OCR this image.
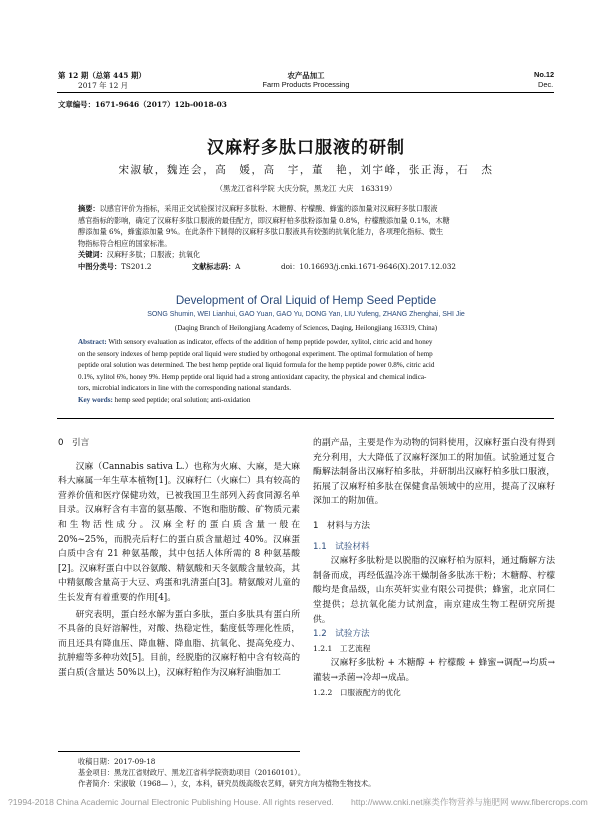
第 12 期（总第 445 期）
2017 年 12 月
农产品加工
Farm Products Processing
No.12
Dec.
文章编号：1671-9646（2017）12b-0018-03
汉麻籽多肽口服液的研制
宋淑敏，魏连会，高　媛，高　宇，董　艳，刘宇峰，张正海，石　杰
（黑龙江省科学院 大庆分院，黑龙江 大庆　163319）
摘要：以感官评价为指标，采用正交试验探讨汉麻籽多肽粉、木糖醇、柠檬酸、蜂蜜的添加量对汉麻籽多肽口服液
感官指标的影响，确定了汉麻籽多肽口服液的最佳配方，即汉麻籽柏多肽粉添加量 0.8%，柠檬酸添加量 0.1%，木糖
醇添加量 6%，蜂蜜添加量 9%。在此条件下制得的汉麻籽多肽口服液具有较强的抗氧化能力，各项理化指标、微生
物指标符合相应的国家标准。
关键词：汉麻籽多肽；口服液；抗氧化
中图分类号：TS201.2	文献标志码：A	doi：10.16693/j.cnki.1671-9646(X).2017.12.032
Development of Oral Liquid of Hemp Seed Peptide
SONG Shumin, WEI Lianhui, GAO Yuan, GAO Yu, DONG Yan, LIU Yufeng, ZHANG Zhenghai, SHI Jie
(Daqing Branch of Heilongjiang Academy of Sciences, Daqing, Heilongjiang 163319, China)
Abstract: With sensory evaluation as indicator, effects of the addition of hemp peptide powder, xylitol, citric acid and honey
on the sensory indexes of hemp peptide oral liquid were studied by orthogonal experiment. The optimal formulation of hemp
peptide oral solution was determined. The best hemp peptide oral liquid formula for the hemp peptide power 0.8%, citric acid
0.1%, xylitol 6%, honey 9%. Hemp peptide oral liquid had a strong antioxidant capacity, the physical and chemical indica-
tors, microbial indicators in line with the corresponding national standards.
Key words: hemp seed peptide; oral solution; anti-oxidation
0　引言

汉麻（Cannabis sativa L.）也称为火麻、大麻，是大麻科大麻属一年生草本植物[1]。汉麻籽仁（火麻仁）具有较高的营养价值和医疗保健功效，已被我国卫生部列入药食同源名单目录。汉麻籽含有丰富的氨基酸、不饱和脂肪酸、矿物质元素和生物活性成分。汉麻全籽的蛋白质含量一般在 20%~25%，而脱壳后籽仁的蛋白质含量超过 40%。汉麻蛋白质中含有 21 种氨基酸，其中包括人体所需的 8 种氨基酸[2]。汉麻籽蛋白中以谷氨酸、精氨酸和天冬氨酸含量较高，其中精氨酸含量高于大豆、鸡蛋和乳清蛋白[3]。精氨酸对儿童的生长发育有着重要的作用[4]。

研究表明，蛋白经水解为蛋白多肽，蛋白多肽具有蛋白所不具备的良好溶解性，对酸、热稳定性，黏度低等理化性质，而且还具有降血压、降血糖、降血脂、抗氧化、提高免疫力、抗肿瘤等多种功效[5]。目前，经脱脂的汉麻籽粕中含有较高的蛋白质(含量达 50%以上)，汉麻籽粕作为汉麻籽油脂加工

的副产品，主要是作为动物的饲料使用，汉麻籽蛋白没有得到充分利用，大大降低了汉麻籽深加工的附加值。试验通过复合酶解法制备出汉麻籽柏多肽，并研制出汉麻籽柏多肽口服液，拓展了汉麻籽柏多肽在保健食品领域中的应用，提高了汉麻籽深加工的附加值。

1　材料与方法
1.1　试验材料

汉麻籽多肽粉是以脱脂的汉麻籽柏为原料，通过酶解方法制备而成，再经低温冷冻干燥制备多肽冻干粉；木糖醇、柠檬酸均是食品级，山东英轩实业有限公司提供；蜂蜜，北京同仁堂提供；总抗氧化能力试剂盒，南京建成生物工程研究所提供。

1.2　试验方法
1.2.1　工艺流程

汉麻籽多肽粉 + 木糖醇 + 柠檬酸 + 蜂蜜→调配→均质→灌装→杀菌→冷却→成品。

1.2.2　口服液配方的优化
收稿日期：2017-09-18
基金项目：黑龙江省财政厅、黑龙江省科学院资助项目（20160101）。
作者简介：宋淑敏（1968— ），女，本科，研究员级高级农艺师，研究方向为植物生物技术。
?1994-2018 China Academic Journal Electronic Publishing House. All rights reserved.　　http://www.cnki.net麻类作物营养与施肥网 www.fibercrops.com
